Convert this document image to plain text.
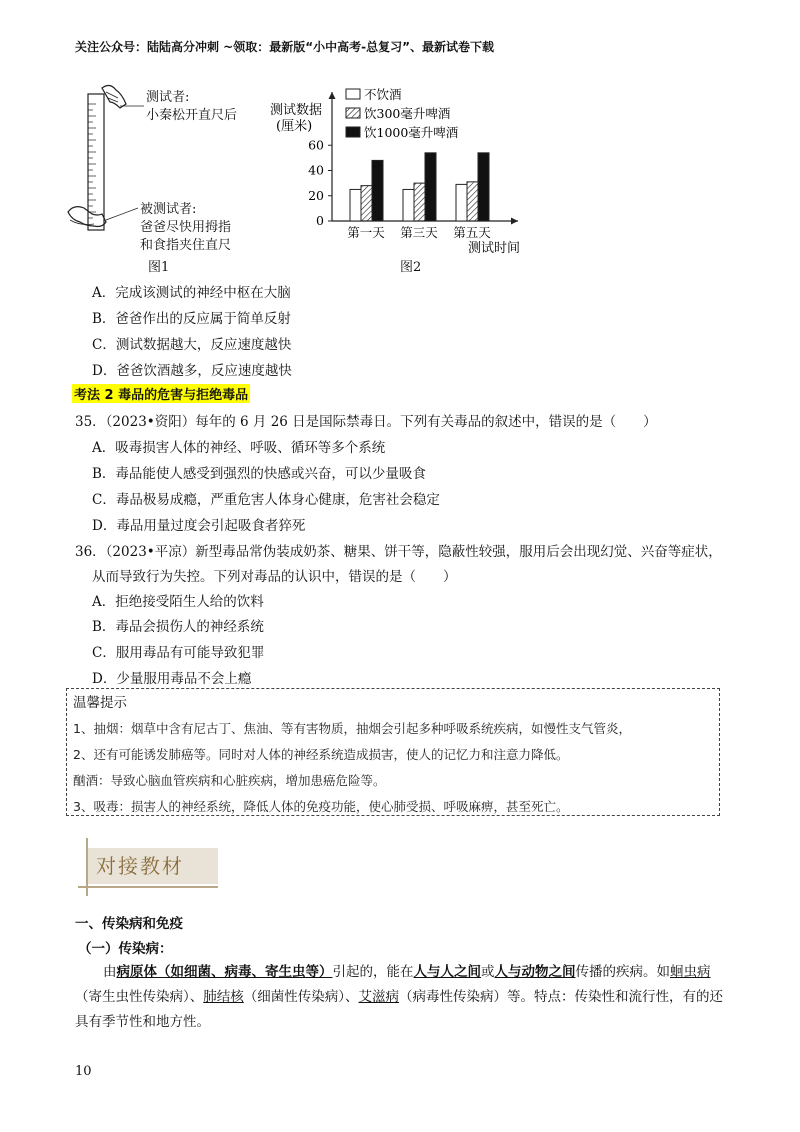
关注公众号：陆陆高分冲刺 ~领取：最新版“小中高考-总复习”、最新试卷下载
测试者:
小秦松开直尺后
被测试者:
爸爸尽快用拇指
和食指夹住直尺
图1
测试数据
(厘米)
测试时间
不饮酒
饮300毫升啤酒
饮1000毫升啤酒
0
20
40
60
第一天 第三天 第五天
图2
A．完成该测试的神经中枢在大脑
B．爸爸作出的反应属于简单反射
C．测试数据越大，反应速度越快
D．爸爸饮酒越多，反应速度越快
考法 2 毒品的危害与拒绝毒品
35．（2023•资阳）每年的 6 月 26 日是国际禁毒日。下列有关毒品的叙述中，错误的是（　　）
A．吸毒损害人体的神经、呼吸、循环等多个系统
B．毒品能使人感受到强烈的快感或兴奋，可以少量吸食
C．毒品极易成瘾，严重危害人体身心健康，危害社会稳定
D．毒品用量过度会引起吸食者猝死
36．（2023•平凉）新型毒品常伪装成奶茶、糖果、饼干等，隐蔽性较强，服用后会出现幻觉、兴奋等症状，
从而导致行为失控。下列对毒品的认识中，错误的是（　　）
A．拒绝接受陌生人给的饮料
B．毒品会损伤人的神经系统
C．服用毒品有可能导致犯罪
D．少量服用毒品不会上瘾
温馨提示
1、抽烟：烟草中含有尼古丁、焦油、等有害物质，抽烟会引起多种呼吸系统疾病，如慢性支气管炎，
2、还有可能诱发肺癌等。同时对人体的神经系统造成损害，使人的记忆力和注意力降低。
酗酒：导致心脑血管疾病和心脏疾病，增加患癌危险等。
3、吸毒：损害人的神经系统，降低人体的免疫功能，使心肺受损、呼吸麻痹，甚至死亡。
对接教材
一、传染病和免疫
（一）传染病：
由病原体（如细菌、病毒、寄生虫等）引起的，能在人与人之间或人与动物之间传播的疾病。如蛔虫病（寄生虫性传染病）、肺结核（细菌性传染病）、艾滋病（病毒性传染病）等。特点：传染性和流行性，有的还具有季节性和地方性。
10
